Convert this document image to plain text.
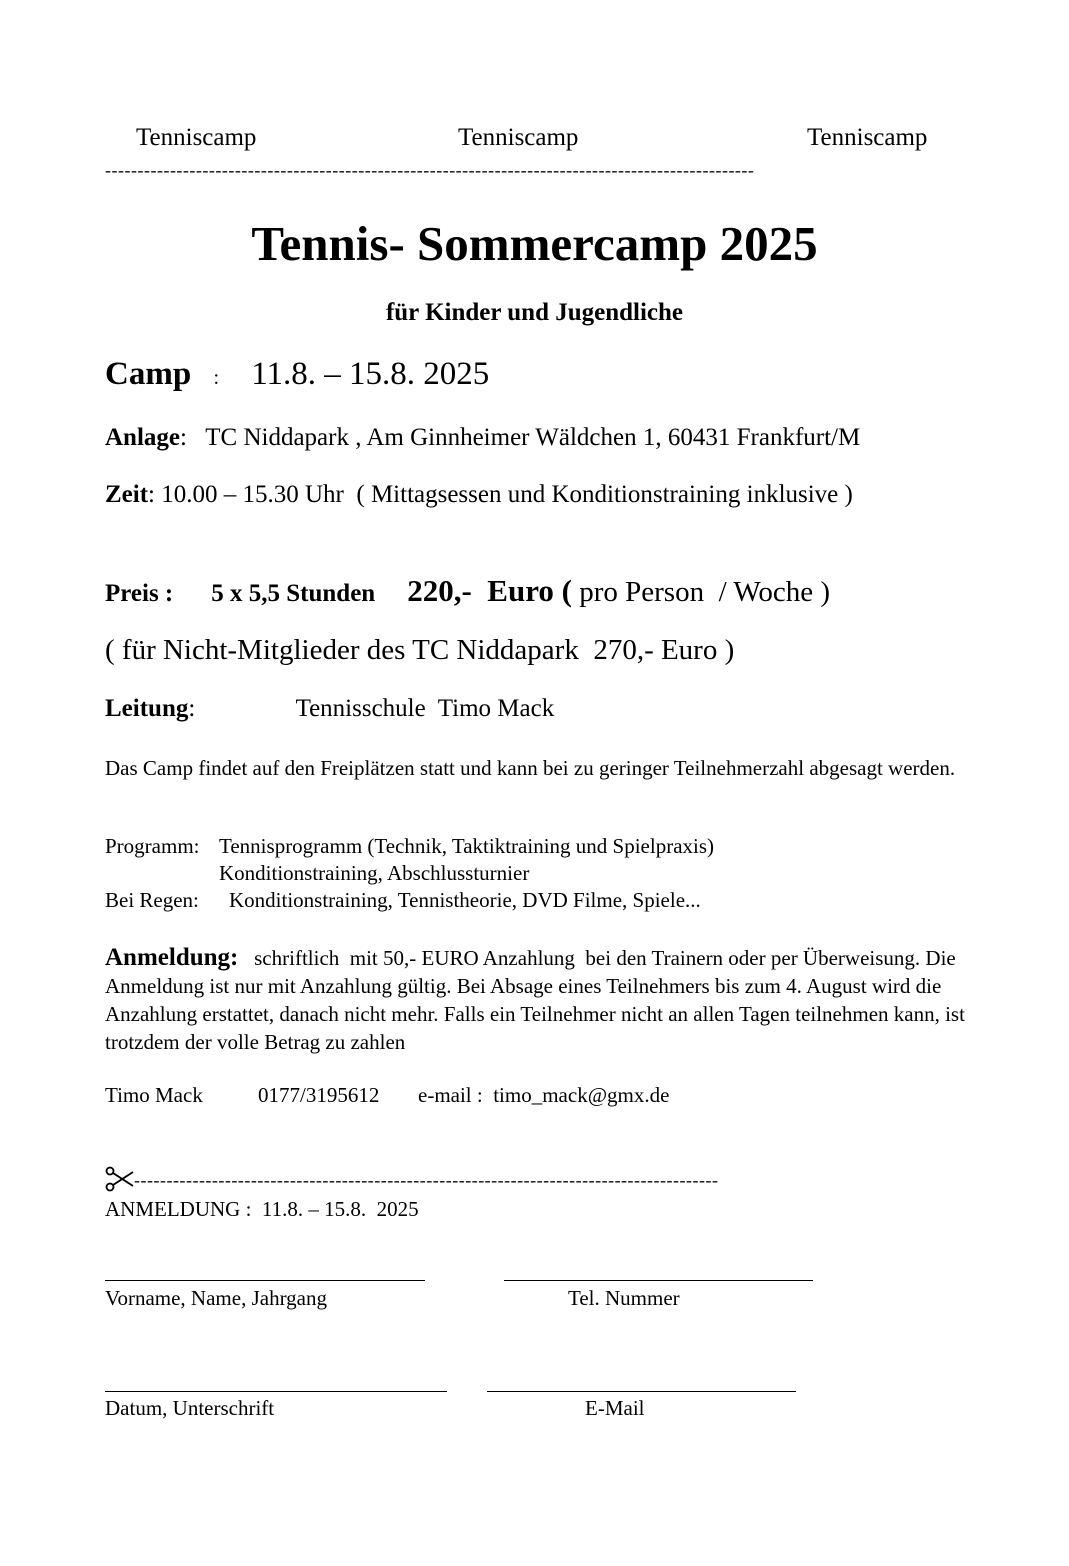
Tenniscamp	Tenniscamp	Tenniscamp
----------------------------------------------------------------------------------------------------
Tennis- Sommercamp 2025
für Kinder und Jugendliche
Camp : 11.8. – 15.8. 2025
Anlage:   TC Niddapark , Am Ginnheimer Wäldchen 1, 60431 Frankfurt/M
Zeit: 10.00 – 15.30 Uhr  ( Mittagsessen und Konditionstraining inklusive )
Preis : 5 x 5,5 Stunden 220,-  Euro ( pro Person  / Woche )
( für Nicht-Mitglieder des TC Niddapark  270,- Euro )
Leitung:	Tennisschule  Timo Mack
Das Camp findet auf den Freiplätzen statt und kann bei zu geringer Teilnehmerzahl abgesagt werden.
Programm: Tennisprogramm (Technik, Taktiktraining und Spielpraxis)
Konditionstraining, Abschlussturnier
Bei Regen: Konditionstraining, Tennistheorie, DVD Filme, Spiele...
Anmeldung:   schriftlich  mit 50,- EURO Anzahlung  bei den Trainern oder per Überweisung. Die Anmeldung ist nur mit Anzahlung gültig. Bei Absage eines Teilnehmers bis zum 4. August wird die Anzahlung erstattet, danach nicht mehr. Falls ein Teilnehmer nicht an allen Tagen teilnehmen kann, ist trotzdem der volle Betrag zu zahlen
Timo Mack	0177/3195612 e-mail :  timo_mack@gmx.de
------------------------------------------------------------------------------------------
ANMELDUNG :  11.8. – 15.8.  2025
Vorname, Name, Jahrgang	Tel. Nummer
Datum, Unterschrift	E-Mail
